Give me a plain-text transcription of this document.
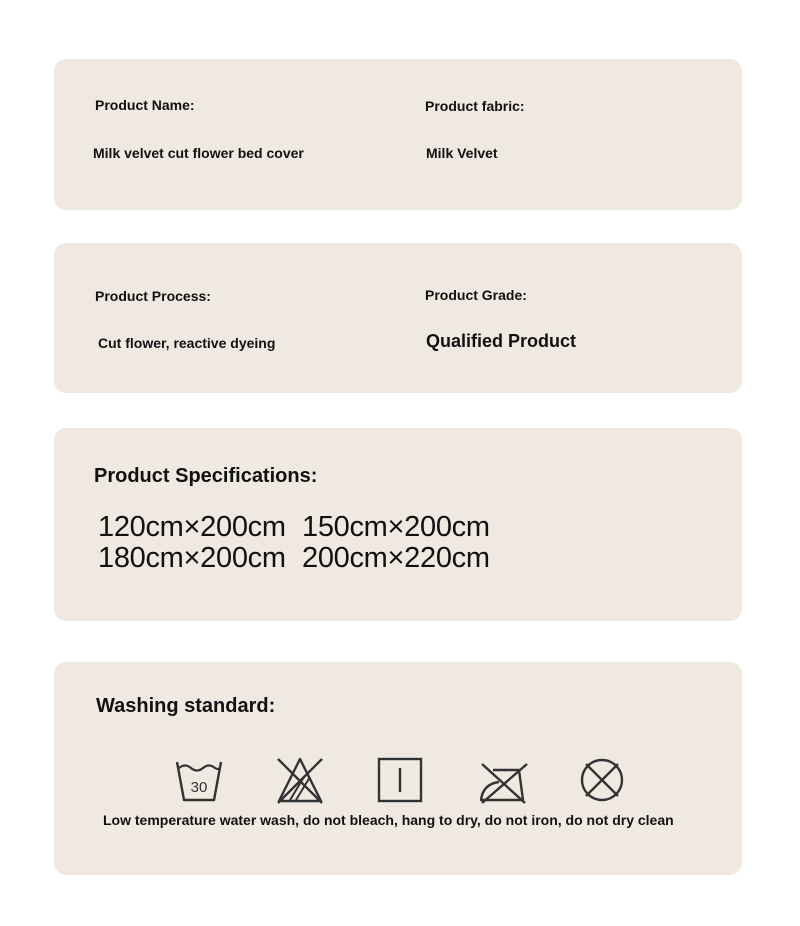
Product Name:
Milk velvet cut flower bed cover
Product fabric:
Milk Velvet
Product Process:
Cut flower, reactive dyeing
Product Grade:
Qualified Product
Product Specifications:
120cm×200cm 150cm×200cm
180cm×200cm 200cm×220cm
Washing standard:
30
Low temperature water wash, do not bleach, hang to dry, do not iron, do not dry clean
